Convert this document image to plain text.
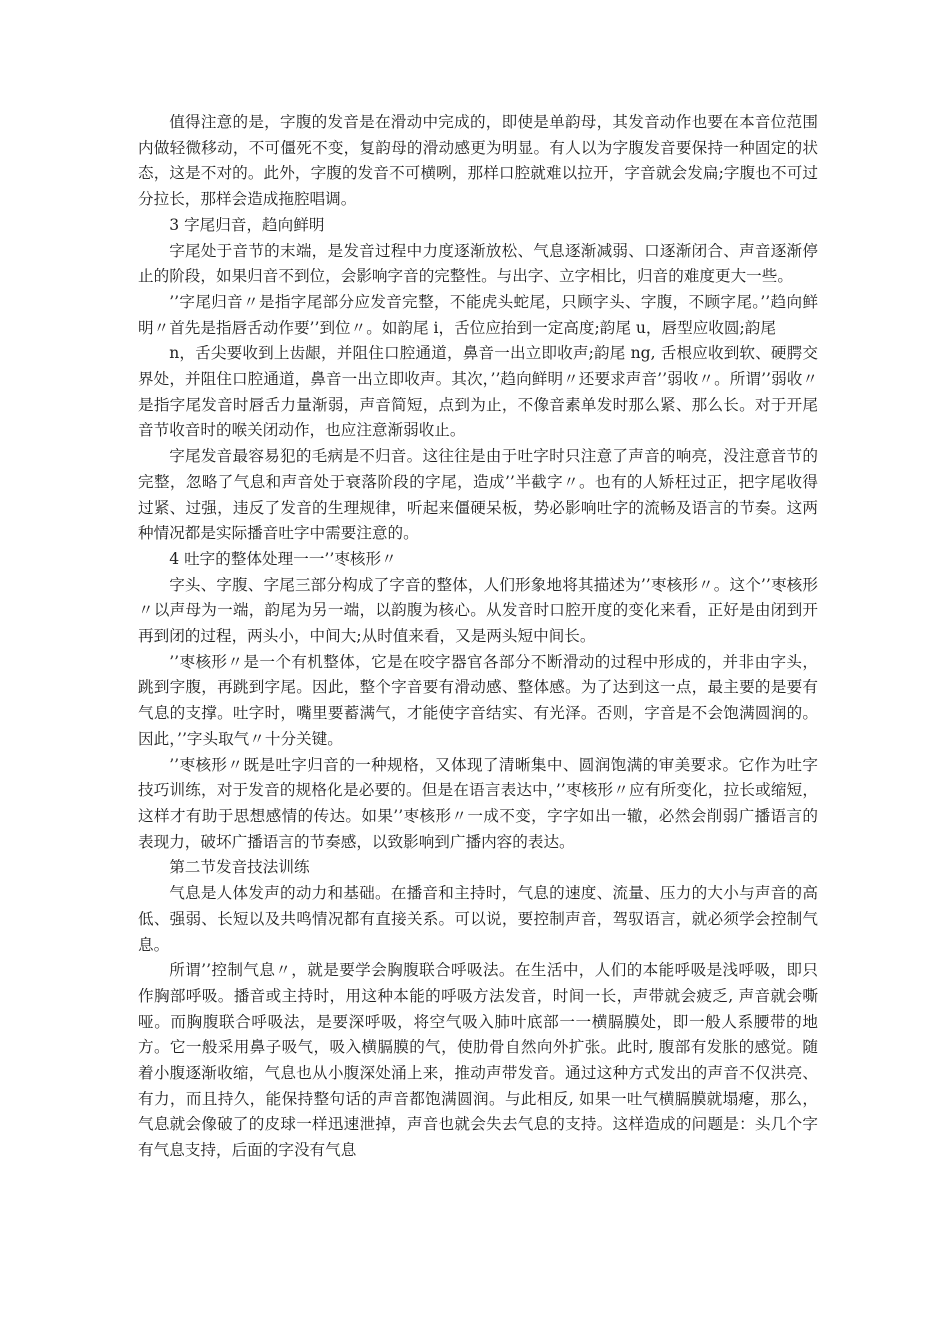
值得注意的是，字腹的发音是在滑动中完成的，即使是单韵母，其发音动作也要在本音位范围内做轻微移动，不可僵死不变，复韵母的滑动感更为明显。有人以为字腹发音要保持一种固定的状态，这是不对的。此外，字腹的发音不可横咧，那样口腔就难以拉开，字音就会发扁;字腹也不可过分拉长，那样会造成拖腔唱调。

3 字尾归音，趋向鲜明

字尾处于音节的末端，是发音过程中力度逐渐放松、气息逐渐减弱、口逐渐闭合、声音逐渐停止的阶段，如果归音不到位，会影响字音的完整性。与出字、立字相比，归音的难度更大一些。

’’字尾归音〃是指字尾部分应发音完整，不能虎头蛇尾，只顾字头、字腹，不顾字尾。’’趋向鲜明〃首先是指唇舌动作要’’到位〃。如韵尾 i，舌位应抬到一定高度;韵尾 u，唇型应收圆;韵尾

n，舌尖要收到上齿龈，并阻住口腔通道，鼻音一出立即收声;韵尾 ng, 舌根应收到软、硬腭交界处，并阻住口腔通道，鼻音一出立即收声。其次，’’趋向鲜明〃还要求声音’’弱收〃。所谓’’弱收〃是指字尾发音时唇舌力量渐弱，声音简短，点到为止，不像音素单发时那么紧、那么长。对于开尾音节收音时的喉关闭动作，也应注意渐弱收止。

字尾发音最容易犯的毛病是不归音。这往往是由于吐字时只注意了声音的响亮，没注意音节的完整，忽略了气息和声音处于衰落阶段的字尾，造成’’半截字〃。也有的人矫枉过正，把字尾收得过紧、过强，违反了发音的生理规律，听起来僵硬呆板，势必影响吐字的流畅及语言的节奏。这两种情况都是实际播音吐字中需要注意的。

4 吐字的整体处理一一’’枣核形〃

字头、字腹、字尾三部分构成了字音的整体，人们形象地将其描述为’’枣核形〃。这个’’枣核形〃以声母为一端，韵尾为另一端，以韵腹为核心。从发音时口腔开度的变化来看，正好是由闭到开再到闭的过程，两头小，中间大;从时值来看，又是两头短中间长。

’’枣核形〃是一个有机整体，它是在咬字器官各部分不断滑动的过程中形成的，并非由字头，跳到字腹，再跳到字尾。因此，整个字音要有滑动感、整体感。为了达到这一点，最主要的是要有气息的支撑。吐字时，嘴里要蓄满气，才能使字音结实、有光泽。否则，字音是不会饱满圆润的。因此，’’字头取气〃十分关键。

’’枣核形〃既是吐字归音的一种规格，又体现了清晰集中、圆润饱满的审美要求。它作为吐字技巧训练，对于发音的规格化是必要的。但是在语言表达中，’’枣核形〃应有所变化，拉长或缩短，这样才有助于思想感情的传达。如果’’枣核形〃一成不变，字字如出一辙，必然会削弱广播语言的表现力，破坏广播语言的节奏感，以致影响到广播内容的表达。

第二节发音技法训练

气息是人体发声的动力和基础。在播音和主持时，气息的速度、流量、压力的大小与声音的高低、强弱、长短以及共鸣情况都有直接关系。可以说，要控制声音，驾驭语言，就必须学会控制气息。

所谓’’控制气息〃，就是要学会胸腹联合呼吸法。在生活中，人们的本能呼吸是浅呼吸，即只作胸部呼吸。播音或主持时，用这种本能的呼吸方法发音，时间一长，声带就会疲乏, 声音就会嘶哑。而胸腹联合呼吸法，是要深呼吸，将空气吸入肺叶底部一一横膈膜处，即一般人系腰带的地方。它一般采用鼻子吸气，吸入横膈膜的气，使肋骨自然向外扩张。此时, 腹部有发胀的感觉。随着小腹逐渐收缩，气息也从小腹深处涌上来，推动声带发音。通过这种方式发出的声音不仅洪亮、有力，而且持久，能保持整句话的声音都饱满圆润。与此相反, 如果一吐气横膈膜就塌瘪，那么，气息就会像破了的皮球一样迅速泄掉，声音也就会失去气息的支持。这样造成的问题是：头几个字有气息支持，后面的字没有气息
